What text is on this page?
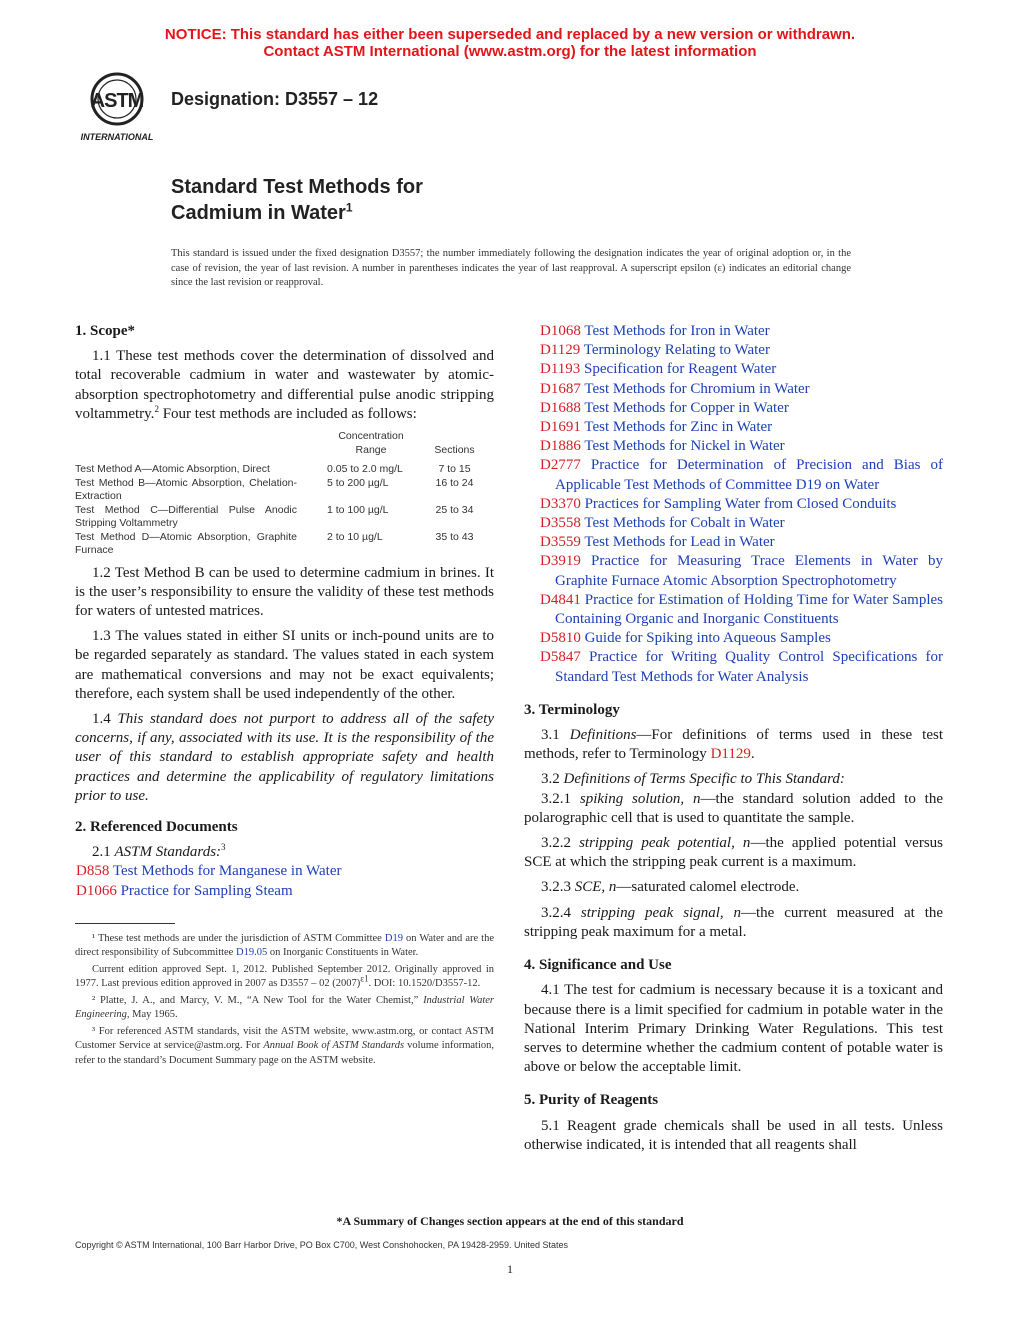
NOTICE: This standard has either been superseded and replaced by a new version or withdrawn.
Contact ASTM International (www.astm.org) for the latest information
ASTM
INTERNATIONAL
Designation: D3557 – 12
Standard Test Methods for
Cadmium in Water$^1$
This standard is issued under the fixed designation D3557; the number immediately following the designation indicates the year of original adoption or, in the case of revision, the year of last revision. A number in parentheses indicates the year of last reapproval. A superscript epsilon (ε) indicates an editorial change since the last revision or reapproval.
1. Scope*

1.1 These test methods cover the determination of dissolved and total recoverable cadmium in water and wastewater by atomic-absorption spectrophotometry and differential pulse anodic stripping voltammetry.$^2$ Four test methods are included as follows:

	Concentration Range	Sections

Test Method A—Atomic Absorption, Direct	0.05 to 2.0 mg/L	7 to 15
Test Method B—Atomic Absorption, Chelation-Extraction	5 to 200 µg/L	16 to 24
Test Method C—Differential Pulse Anodic Stripping Voltammetry	1 to 100 µg/L	25 to 34
Test Method D—Atomic Absorption, Graphite Furnace	2 to 10 µg/L	35 to 43

1.2 Test Method B can be used to determine cadmium in brines. It is the user’s responsibility to ensure the validity of these test methods for waters of untested matrices.

1.3 The values stated in either SI units or inch-pound units are to be regarded separately as standard. The values stated in each system are mathematical conversions and may not be exact equivalents; therefore, each system shall be used independently of the other.

1.4 This standard does not purport to address all of the safety concerns, if any, associated with its use. It is the responsibility of the user of this standard to establish appropriate safety and health practices and determine the applicability of regulatory limitations prior to use.

2. Referenced Documents

2.1 ASTM Standards:$^3$

D858 Test Methods for Manganese in Water

D1066 Practice for Sampling Steam

¹ These test methods are under the jurisdiction of ASTM Committee D19 on Water and are the direct responsibility of Subcommittee D19.05 on Inorganic Constituents in Water.

Current edition approved Sept. 1, 2012. Published September 2012. Originally approved in 1977. Last previous edition approved in 2007 as D3557 – 02 $(2007)^{\varepsilon 1}$. DOI: 10.1520/D3557-12.

² Platte, J. A., and Marcy, V. M., “A New Tool for the Water Chemist,” Industrial Water Engineering, May 1965.

³ For referenced ASTM standards, visit the ASTM website, www.astm.org, or contact ASTM Customer Service at service@astm.org. For Annual Book of ASTM Standards volume information, refer to the standard’s Document Summary page on the ASTM website.

D1068 Test Methods for Iron in Water

D1129 Terminology Relating to Water

D1193 Specification for Reagent Water

D1687 Test Methods for Chromium in Water

D1688 Test Methods for Copper in Water

D1691 Test Methods for Zinc in Water

D1886 Test Methods for Nickel in Water

D2777 Practice for Determination of Precision and Bias of Applicable Test Methods of Committee D19 on Water

D3370 Practices for Sampling Water from Closed Conduits

D3558 Test Methods for Cobalt in Water

D3559 Test Methods for Lead in Water

D3919 Practice for Measuring Trace Elements in Water by Graphite Furnace Atomic Absorption Spectrophotometry

D4841 Practice for Estimation of Holding Time for Water Samples Containing Organic and Inorganic Constituents

D5810 Guide for Spiking into Aqueous Samples

D5847 Practice for Writing Quality Control Specifications for Standard Test Methods for Water Analysis

3. Terminology

3.1 Definitions—For definitions of terms used in these test methods, refer to Terminology D1129.

3.2 Definitions of Terms Specific to This Standard:

3.2.1 spiking solution, n—the standard solution added to the polarographic cell that is used to quantitate the sample.

3.2.2 stripping peak potential, n—the applied potential versus SCE at which the stripping peak current is a maximum.

3.2.3 SCE, n—saturated calomel electrode.

3.2.4 stripping peak signal, n—the current measured at the stripping peak maximum for a metal.

4. Significance and Use

4.1 The test for cadmium is necessary because it is a toxicant and because there is a limit specified for cadmium in potable water in the National Interim Primary Drinking Water Regulations. This test serves to determine whether the cadmium content of potable water is above or below the acceptable limit.

5. Purity of Reagents

5.1 Reagent grade chemicals shall be used in all tests. Unless otherwise indicated, it is intended that all reagents shall

*A Summary of Changes section appears at the end of this standard
Copyright © ASTM International, 100 Barr Harbor Drive, PO Box C700, West Conshohocken, PA 19428-2959. United States
1
